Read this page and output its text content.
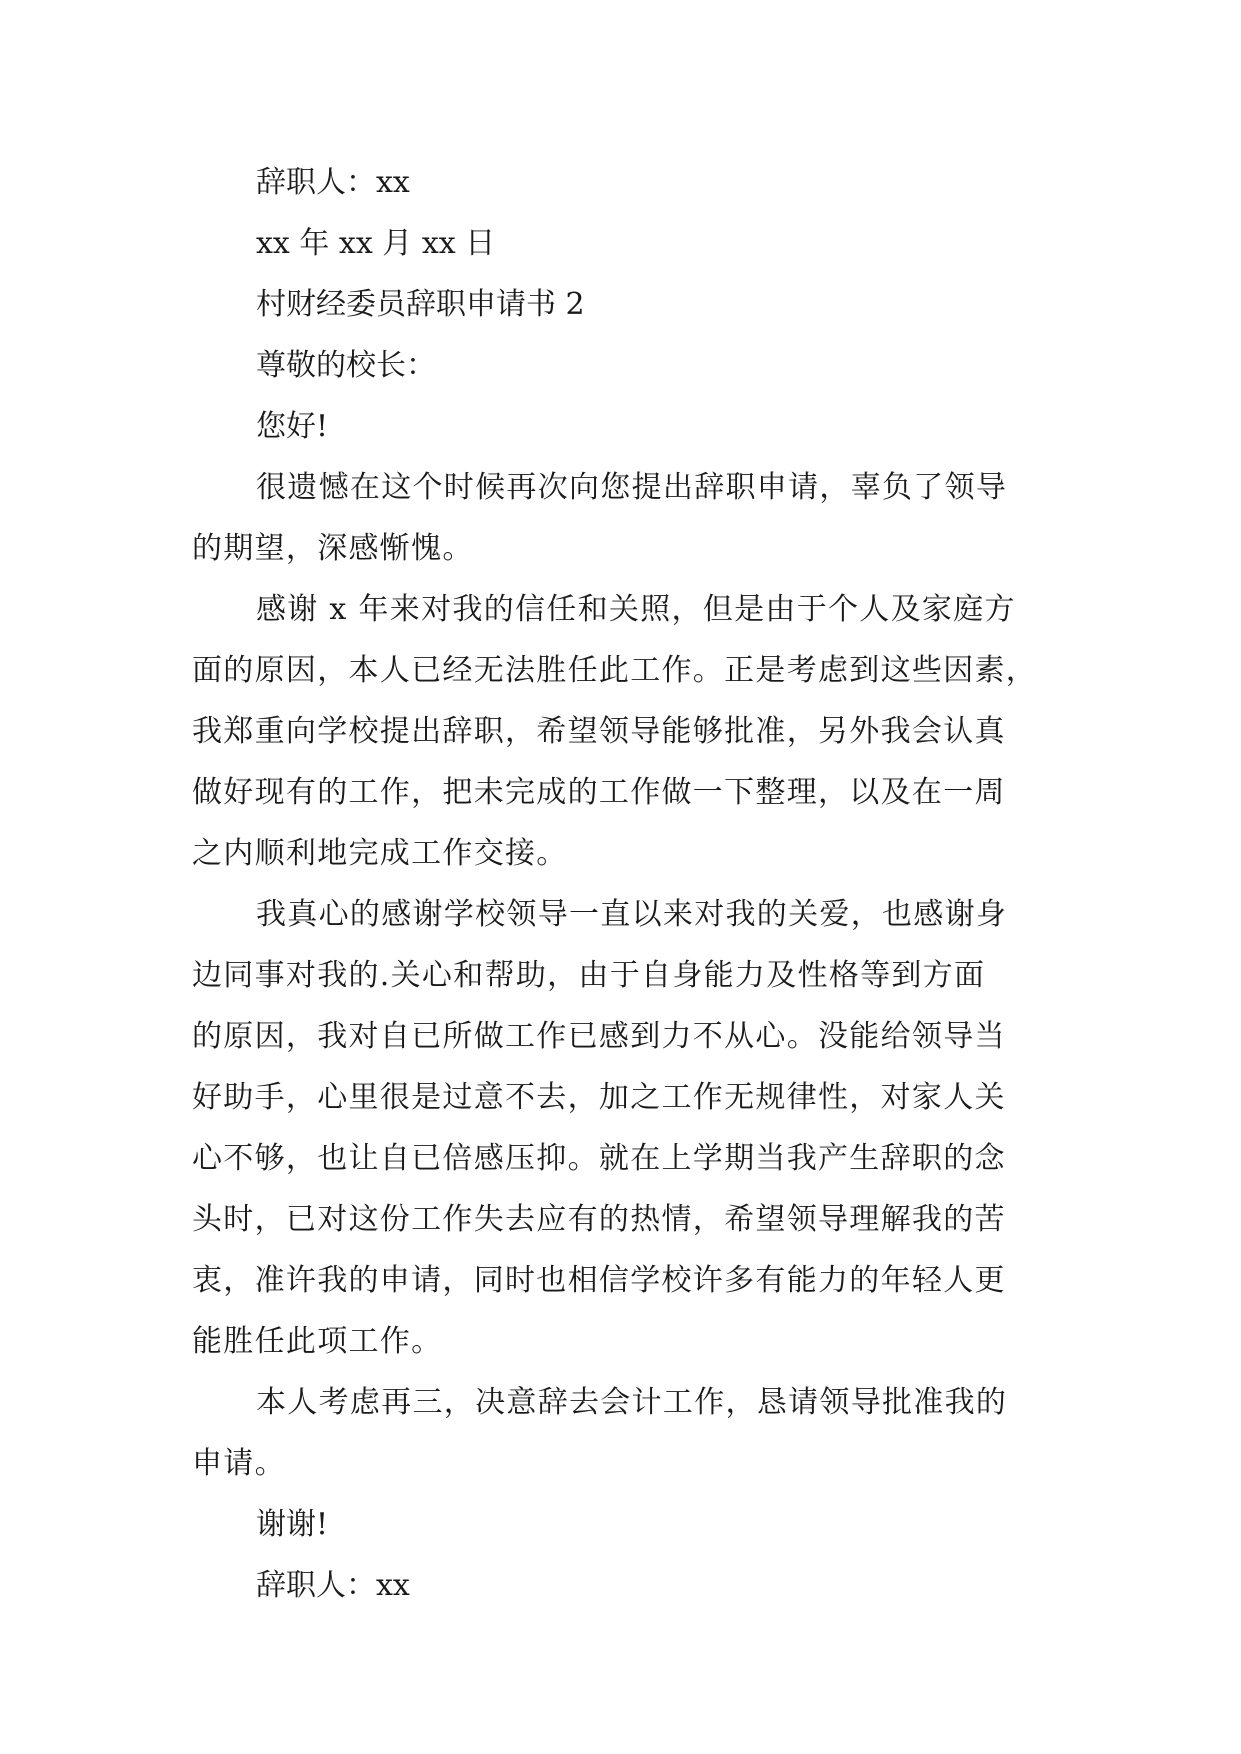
辞职人：xx

xx 年 xx 月 xx 日

村财经委员辞职申请书 2

尊敬的校长：

您好!

很遗憾在这个时候再次向您提出辞职申请，辜负了领导
的期望，深感惭愧。
感谢 x 年来对我的信任和关照，但是由于个人及家庭方
面的原因，本人已经无法胜任此工作。正是考虑到这些因素，
我郑重向学校提出辞职，希望领导能够批准，另外我会认真
做好现有的工作，把未完成的工作做一下整理，以及在一周
之内顺利地完成工作交接。
我真心的感谢学校领导一直以来对我的关爱，也感谢身
边同事对我的.关心和帮助，由于自身能力及性格等到方面
的原因，我对自已所做工作已感到力不从心。没能给领导当
好助手，心里很是过意不去，加之工作无规律性，对家人关
心不够，也让自已倍感压抑。就在上学期当我产生辞职的念
头时，已对这份工作失去应有的热情，希望领导理解我的苦
衷，准许我的申请，同时也相信学校许多有能力的年轻人更
能胜任此项工作。
本人考虑再三，决意辞去会计工作，恳请领导批准我的
申请。

谢谢!

辞职人：xx
